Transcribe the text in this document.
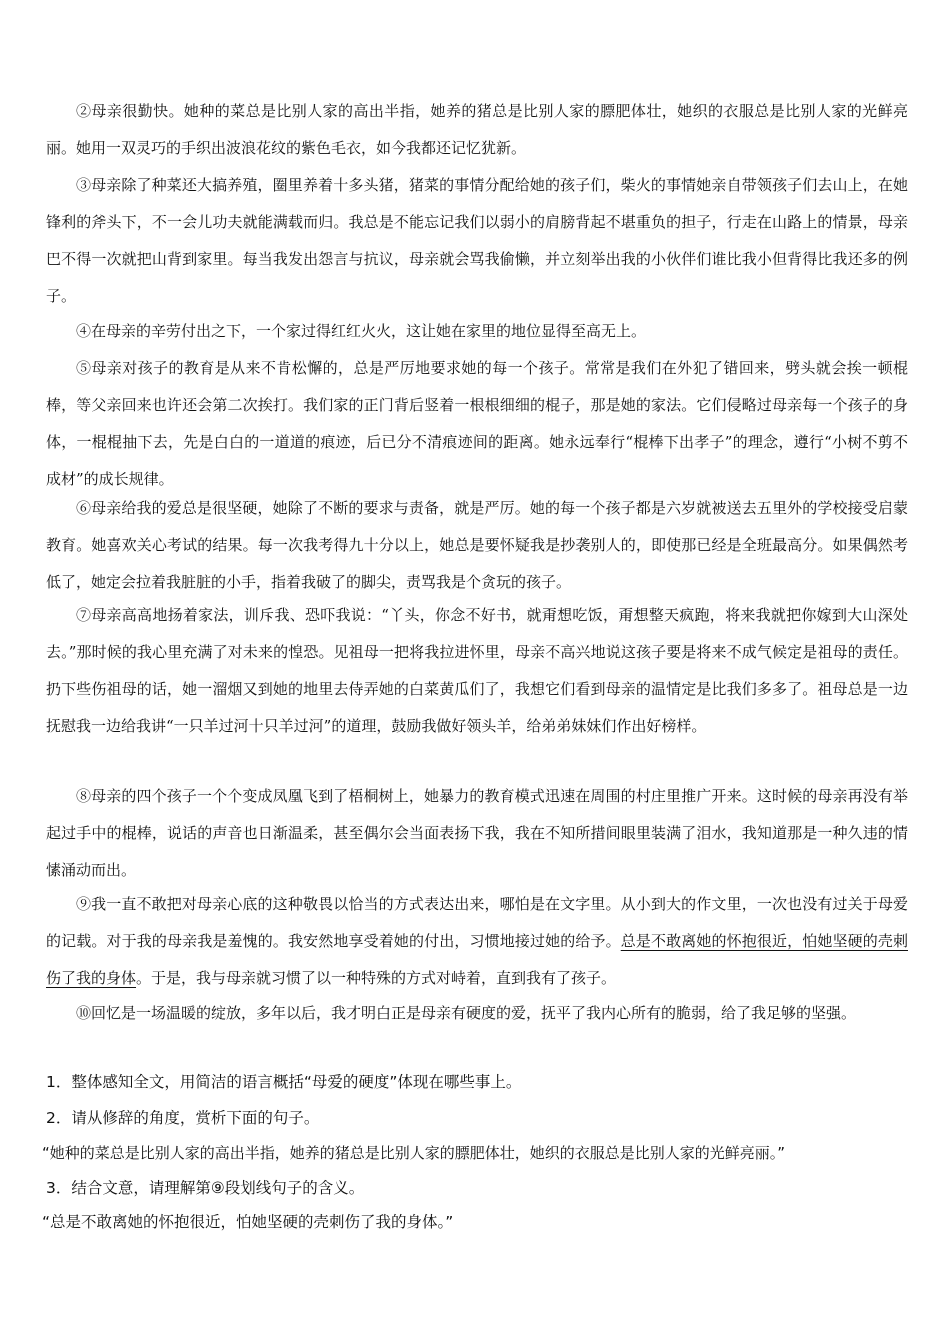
②母亲很勤快。她种的菜总是比别人家的高出半指，她养的猪总是比别人家的膘肥体壮，她织的衣服总是比别人家的光鲜亮丽。她用一双灵巧的手织出波浪花纹的紫色毛衣，如今我都还记忆犹新。

③母亲除了种菜还大搞养殖，圈里养着十多头猪，猪菜的事情分配给她的孩子们，柴火的事情她亲自带领孩子们去山上，在她锋利的斧头下，不一会儿功夫就能满载而归。我总是不能忘记我们以弱小的肩膀背起不堪重负的担子，行走在山路上的情景，母亲巴不得一次就把山背到家里。每当我发出怨言与抗议，母亲就会骂我偷懒，并立刻举出我的小伙伴们谁比我小但背得比我还多的例子。

④在母亲的辛劳付出之下，一个家过得红红火火，这让她在家里的地位显得至高无上。

⑤母亲对孩子的教育是从来不肯松懈的，总是严厉地要求她的每一个孩子。常常是我们在外犯了错回来，劈头就会挨一顿棍棒，等父亲回来也许还会第二次挨打。我们家的正门背后竖着一根根细细的棍子，那是她的家法。它们侵略过母亲每一个孩子的身体，一棍棍抽下去，先是白白的一道道的痕迹，后已分不清痕迹间的距离。她永远奉行“棍棒下出孝子”的理念，遵行“小树不剪不成材”的成长规律。

⑥母亲给我的爱总是很坚硬，她除了不断的要求与责备，就是严厉。她的每一个孩子都是六岁就被送去五里外的学校接受启蒙教育。她喜欢关心考试的结果。每一次我考得九十分以上，她总是要怀疑我是抄袭别人的，即使那已经是全班最高分。如果偶然考低了，她定会拉着我脏脏的小手，指着我破了的脚尖，责骂我是个贪玩的孩子。

⑦母亲高高地扬着家法，训斥我、恐吓我说：“丫头，你念不好书，就甭想吃饭，甭想整天疯跑，将来我就把你嫁到大山深处去。”那时候的我心里充满了对未来的惶恐。见祖母一把将我拉进怀里，母亲不高兴地说这孩子要是将来不成气候定是祖母的责任。扔下些伤祖母的话，她一溜烟又到她的地里去侍弄她的白菜黄瓜们了，我想它们看到母亲的温情定是比我们多多了。祖母总是一边抚慰我一边给我讲“一只羊过河十只羊过河”的道理，鼓励我做好领头羊，给弟弟妹妹们作出好榜样。

⑧母亲的四个孩子一个个变成凤凰飞到了梧桐树上，她暴力的教育模式迅速在周围的村庄里推广开来。这时候的母亲再没有举起过手中的棍棒，说话的声音也日渐温柔，甚至偶尔会当面表扬下我，我在不知所措间眼里装满了泪水，我知道那是一种久违的情愫涌动而出。

⑨我一直不敢把对母亲心底的这种敬畏以恰当的方式表达出来，哪怕是在文字里。从小到大的作文里，一次也没有过关于母爱的记载。对于我的母亲我是羞愧的。我安然地享受着她的付出，习惯地接过她的给予。总是不敢离她的怀抱很近，怕她坚硬的壳刺伤了我的身体。于是，我与母亲就习惯了以一种特殊的方式对峙着，直到我有了孩子。

⑩回忆是一场温暖的绽放，多年以后，我才明白正是母亲有硬度的爱，抚平了我内心所有的脆弱，给了我足够的坚强。

1．整体感知全文，用简洁的语言概括“母爱的硬度”体现在哪些事上。

2．请从修辞的角度，赏析下面的句子。

“她种的菜总是比别人家的高出半指，她养的猪总是比别人家的膘肥体壮，她织的衣服总是比别人家的光鲜亮丽。”

3．结合文意，请理解第⑨段划线句子的含义。

“总是不敢离她的怀抱很近，怕她坚硬的壳刺伤了我的身体。”
